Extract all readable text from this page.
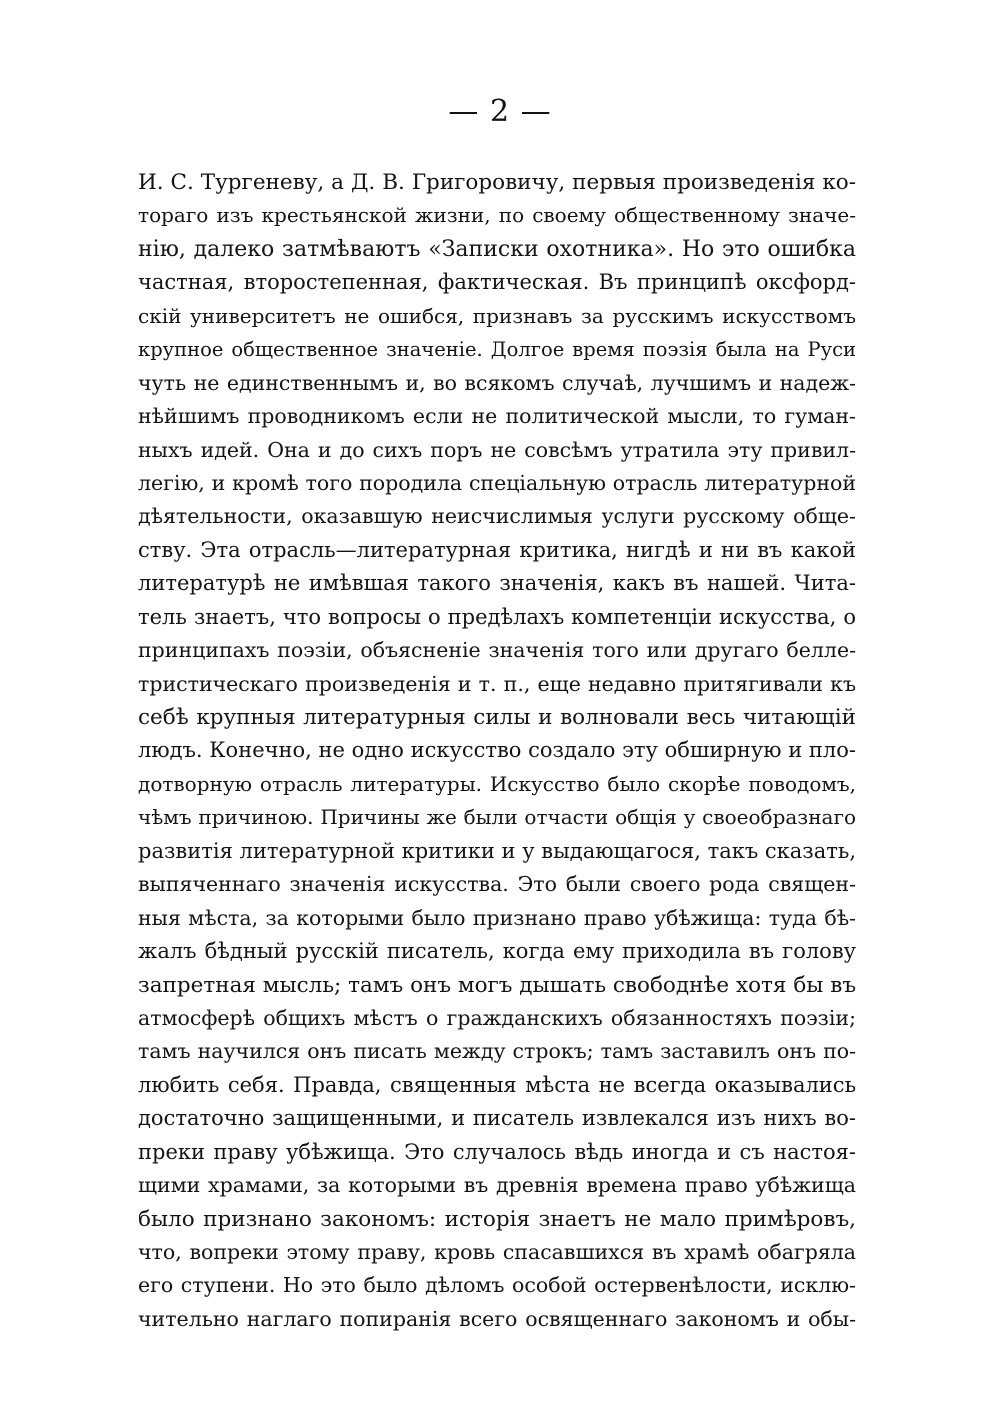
— 2 —
И. С. Тургеневу, а Д. В. Григоровичу, первыя произведенія ко-
тораго изъ крестьянской жизни, по своему общественному значе-
нію, далеко затмѣваютъ «Записки охотника». Но это ошибка
частная, второстепенная, фактическая. Въ принципѣ оксфорд-
скій университетъ не ошибся, признавъ за русскимъ искусствомъ
крупное общественное значеніе. Долгое время поэзія была на Руси
чуть не единственнымъ и, во всякомъ случаѣ, лучшимъ и надеж-
нѣйшимъ проводникомъ если не политической мысли, то гуман-
ныхъ идей. Она и до сихъ поръ не совсѣмъ утратила эту привил-
легію, и кромѣ того породила спеціальную отрасль литературной
дѣятельности, оказавшую неисчислимыя услуги русскому обще-
ству. Эта отрасль—литературная критика, нигдѣ и ни въ какой
литературѣ не имѣвшая такого значенія, какъ въ нашей. Чита-
тель знаетъ, что вопросы о предѣлахъ компетенціи искусства, о
принципахъ поэзіи, объясненіе значенія того или другаго белле-
тристическаго произведенія и т. п., еще недавно притягивали къ
себѣ крупныя литературныя силы и волновали весь читающій
людъ. Конечно, не одно искусство создало эту обширную и пло-
дотворную отрасль литературы. Искусство было скорѣе поводомъ,
чѣмъ причиною. Причины же были отчасти общія у своеобразнаго
развитія литературной критики и у выдающагося, такъ сказать,
выпяченнаго значенія искусства. Это были своего рода священ-
ныя мѣста, за которыми было признано право убѣжища: туда бѣ-
жалъ бѣдный русскій писатель, когда ему приходила въ голову
запретная мысль; тамъ онъ могъ дышать свободнѣе хотя бы въ
атмосферѣ общихъ мѣстъ о гражданскихъ обязанностяхъ поэзіи;
тамъ научился онъ писать между строкъ; тамъ заставилъ онъ по-
любить себя. Правда, священныя мѣста не всегда оказывались
достаточно защищенными, и писатель извлекался изъ нихъ во-
преки праву убѣжища. Это случалось вѣдь иногда и съ настоя-
щими храмами, за которыми въ древнія времена право убѣжища
было признано закономъ: исторія знаетъ не мало примѣровъ,
что, вопреки этому праву, кровь спасавшихся въ храмѣ обагряла
его ступени. Но это было дѣломъ особой остервенѣлости, исклю-
чительно наглаго попиранія всего освященнаго закономъ и обы-
